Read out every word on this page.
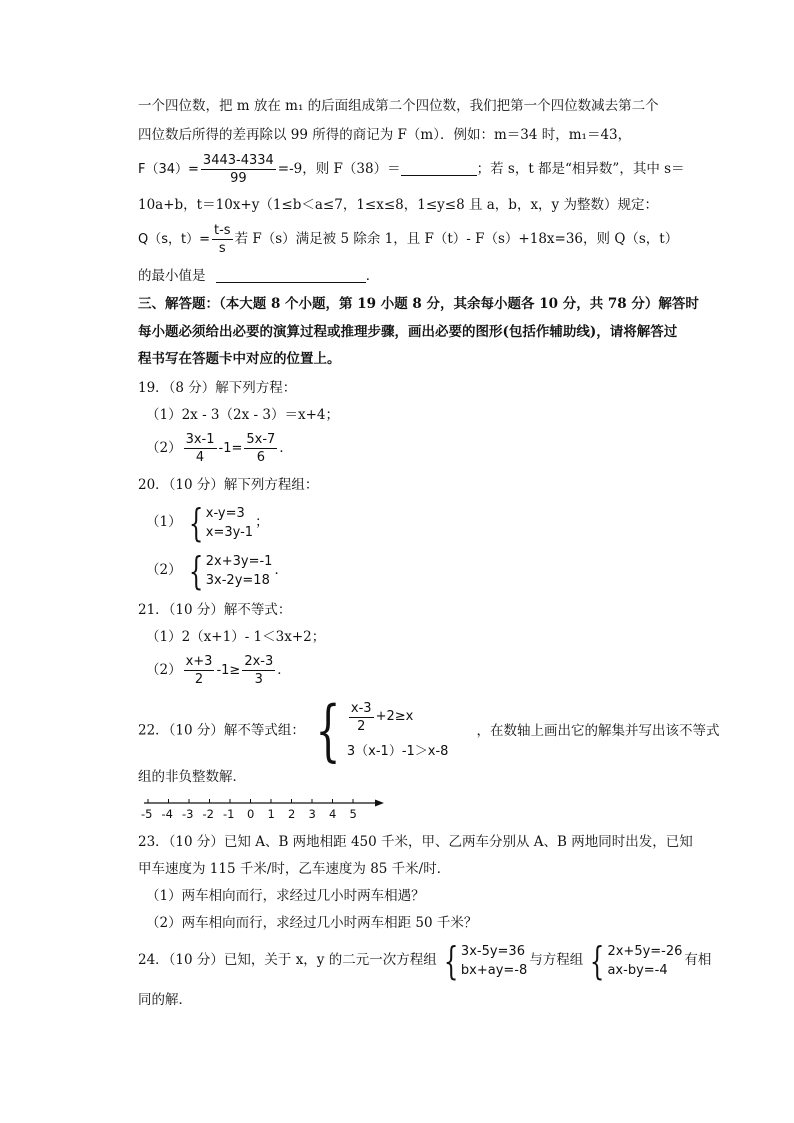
一个四位数，把 m 放在 m₁ 的后面组成第二个四位数，我们把第一个四位数减去第二个
四位数后所得的差再除以 99 所得的商记为 F（m）．例如：m＝34 时，m₁＝43，
$F(34)= \frac{3443-4334}{99} =-9$，则 F（38）＝	；若 s，t 都是“相异数”，其中 s＝
10a+b，t＝10x+y（1≤b＜a≤7，1≤x≤8，1≤y≤8 且 a，b，x，y 为整数）规定：
Q（s，$t)= \frac{t-s}{s}$ 若 F（s）满足被 5 除余 1，且 F（t）- F（s）+18x=36，则 Q（s，t）
的最小值是	．
三、解答题：（本大题 8 个小题，第 19 小题 8 分，其余每小题各 10 分，共 78 分）解答时
每小题必须给出必要的演算过程或推理步骤，画出必要的图形(包括作辅助线)，请将解答过
程书写在答题卡中对应的位置上。
19．（8 分）解下列方程：
（1）2x - 3（2x - 3）＝x+4；
$(2) \frac{3x-1}{4} -1= \frac{5x-7}{6}$ ．
20．（10 分）解下列方程组：
（1） { x-y=3
x=3y-1
；
（2） { 2x+3y=-1
3x-2y=18
．
21．（10 分）解不等式：
（1）2（x+1）- 1＜3x+2；
$(2) \frac{x+3}{2} -1\ge \frac{2x-3}{3}$ ．
22．（10 分）解不等式组： { $\frac{x-3}{2} +2\ge x$
3（x-1）-1＞x-8
，在数轴上画出它的解集并写出该不等式
组的非负整数解．
-5 -4 -3 -2 -1 0 1 2 3 4 5
23．（10 分）已知 A、B 两地相距 450 千米，甲、乙两车分别从 A、B 两地同时出发，已知
甲车速度为 115 千米/时，乙车速度为 85 千米/时．
（1）两车相向而行，求经过几小时两车相遇？
（2）两车相向而行，求经过几小时两车相距 50 千米？
24．（10 分）已知，关于 x，y 的二元一次方程组 { 3x-5y=36
bx+ay=-8
与方程组 { 2x+5y=-26
ax-by=-4
有相
同的解．
